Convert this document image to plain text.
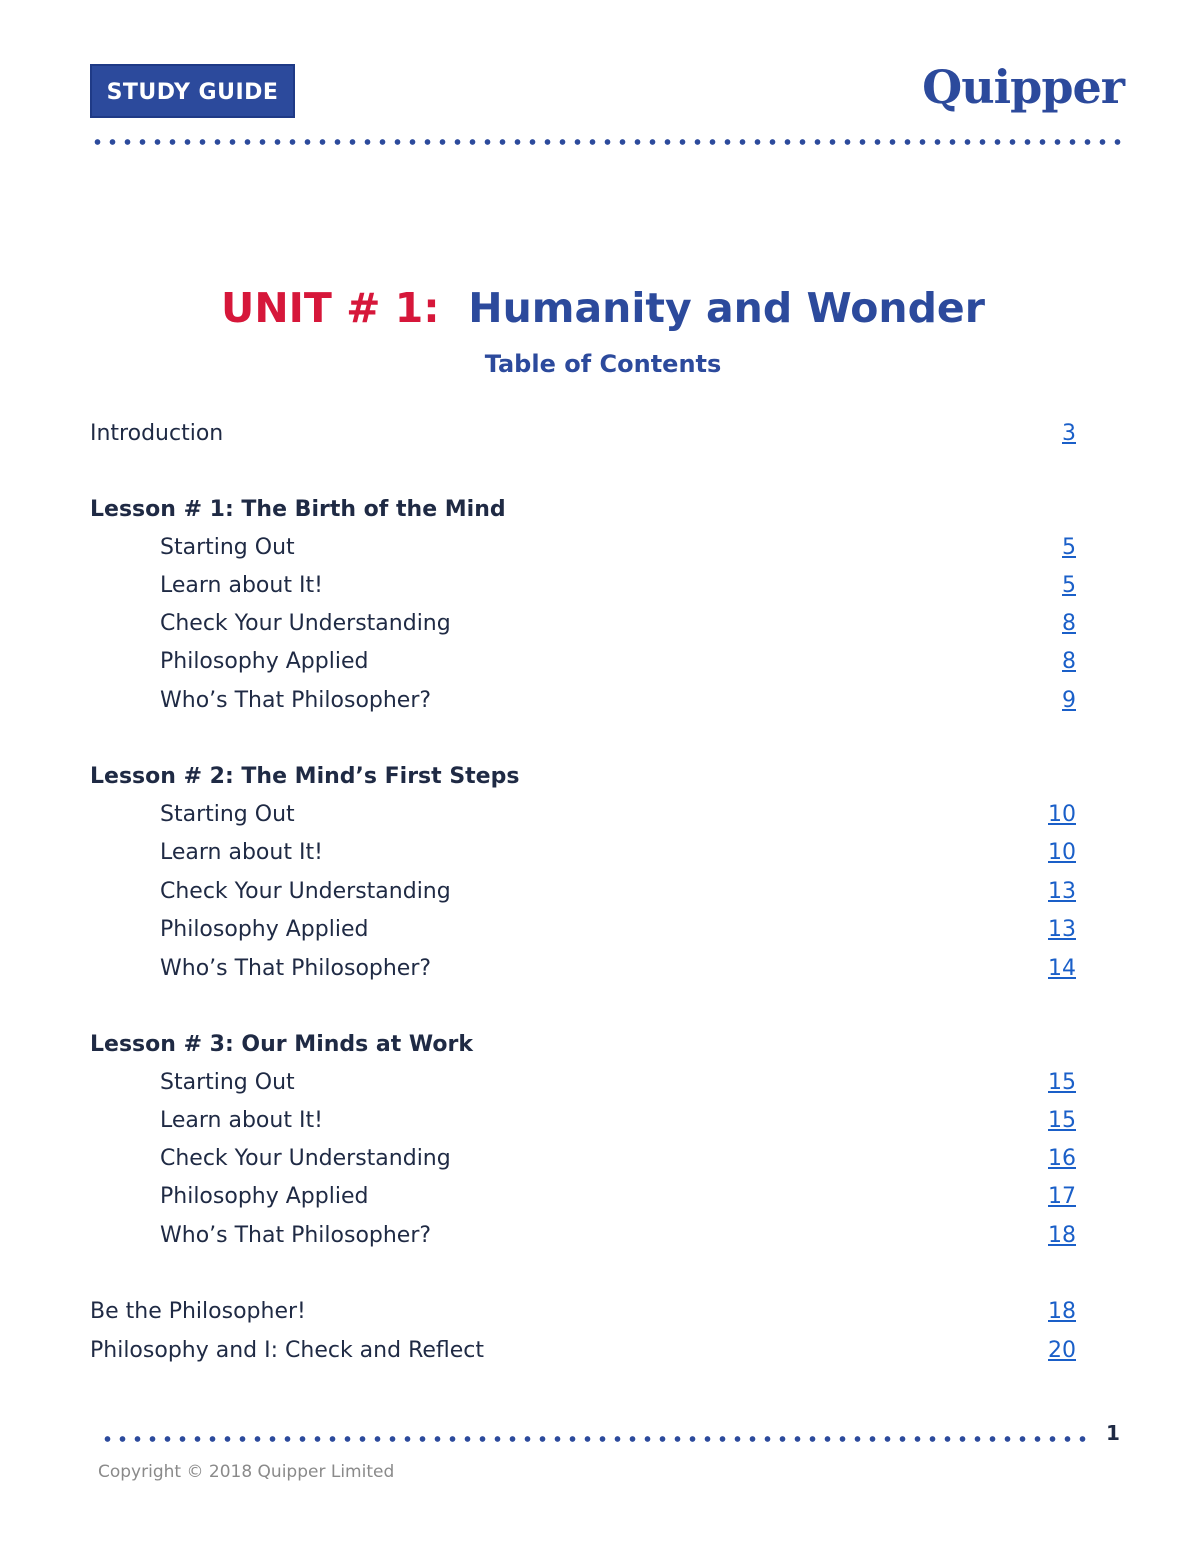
STUDY GUIDE	Quipper
UNIT # 1: Humanity and Wonder
Table of Contents
Introduction	3
Lesson # 1: The Birth of the Mind
Starting Out	5
Learn about It!	5
Check Your Understanding	8
Philosophy Applied	8
Who’s That Philosopher?	9
Lesson # 2: The Mind’s First Steps
Starting Out	10
Learn about It!	10
Check Your Understanding	13
Philosophy Applied	13
Who’s That Philosopher?	14
Lesson # 3: Our Minds at Work
Starting Out	15
Learn about It!	15
Check Your Understanding	16
Philosophy Applied	17
Who’s That Philosopher?	18
Be the Philosopher!	18
Philosophy and I: Check and Reflect	20
1
Copyright © 2018 Quipper Limited
